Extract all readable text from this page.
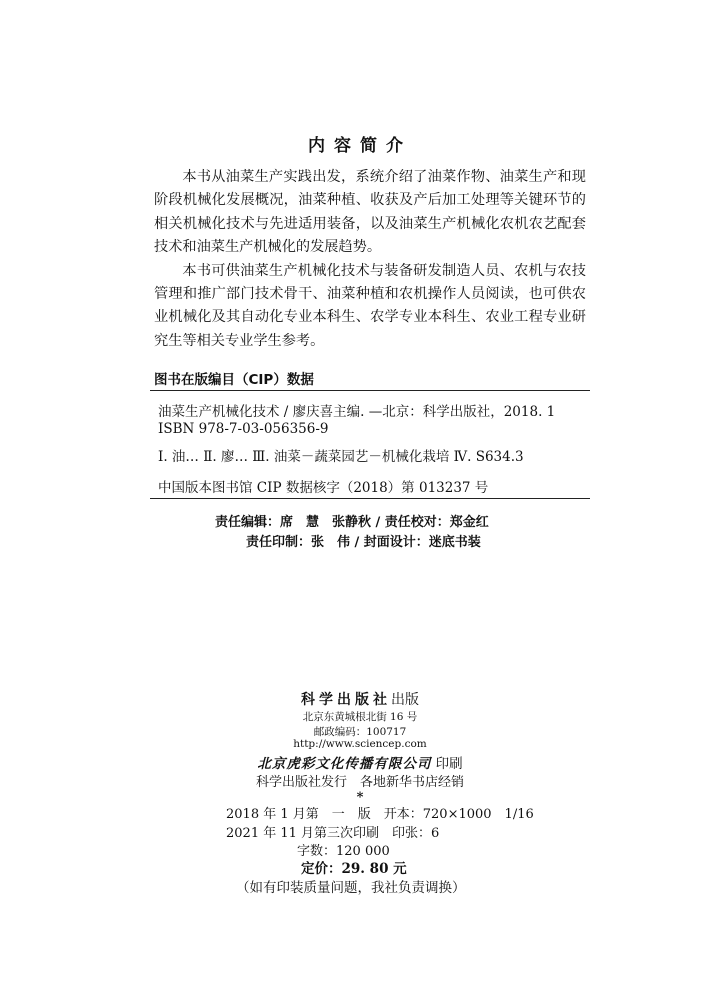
内容简介

本书从油菜生产实践出发，系统介绍了油菜作物、油菜生产和现阶段机械化发展概况，油菜种植、收获及产后加工处理等关键环节的相关机械化技术与先进适用装备，以及油菜生产机械化农机农艺配套技术和油菜生产机械化的发展趋势。

本书可供油菜生产机械化技术与装备研发制造人员、农机与农技管理和推广部门技术骨干、油菜种植和农机操作人员阅读，也可供农业机械化及其自动化专业本科生、农学专业本科生、农业工程专业研究生等相关专业学生参考。

图书在版编目（CIP）数据
油菜生产机械化技术 / 廖庆喜主编. —北京：科学出版社，2018. 1
ISBN 978-7-03-056356-9
Ⅰ. 油… Ⅱ. 廖… Ⅲ. 油菜－蔬菜园艺－机械化栽培 Ⅳ. S634.3
中国版本图书馆 CIP 数据核字（2018）第 013237 号
责任编辑：席　慧　张静秋 / 责任校对：郑金红
责任印制：张　伟 / 封面设计：迷底书装
科学出版社出版
北京东黄城根北街 16 号
邮政编码：100717
http://www.sciencep.com
北京虎彩文化传播有限公司 印刷
科学出版社发行　各地新华书店经销
*
2018 年 1 月第　一　版　开本：720×1000　1/16
2021 年 11 月第三次印刷　印张：6
字数：120 000
定价：29. 80 元
（如有印装质量问题，我社负责调换）
